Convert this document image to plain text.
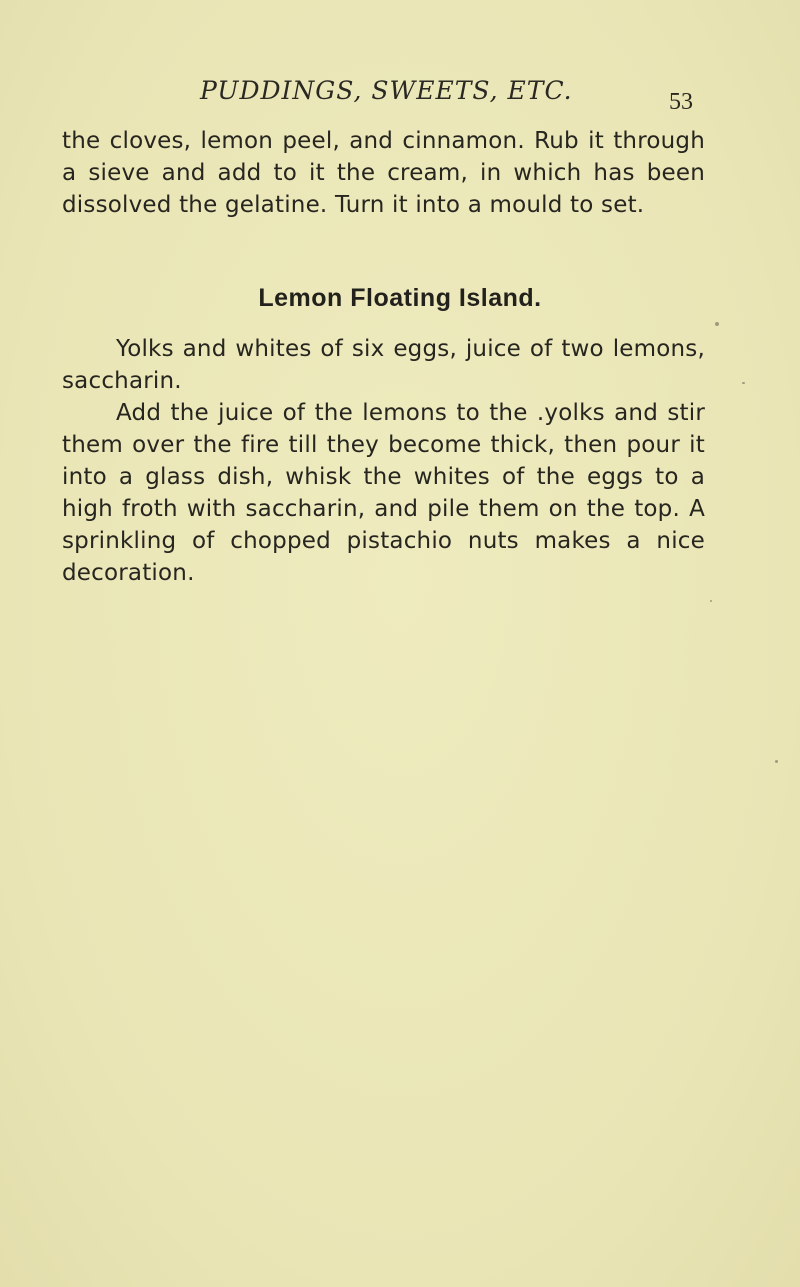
PUDDINGS, SWEETS, ETC.	53
the cloves, lemon peel, and cinnamon. Rub it through a sieve and add to it the cream, in which has been dissolved the gelatine. Turn it into a mould to set.
Lemon Floating Island.
Yolks and whites of six eggs, juice of two lemons, saccharin.
Add the juice of the lemons to the .yolks and stir them over the fire till they become thick, then pour it into a glass dish, whisk the whites of the eggs to a high froth with saccharin, and pile them on the top. A sprinkling of chopped pistachio nuts makes a nice decoration.
